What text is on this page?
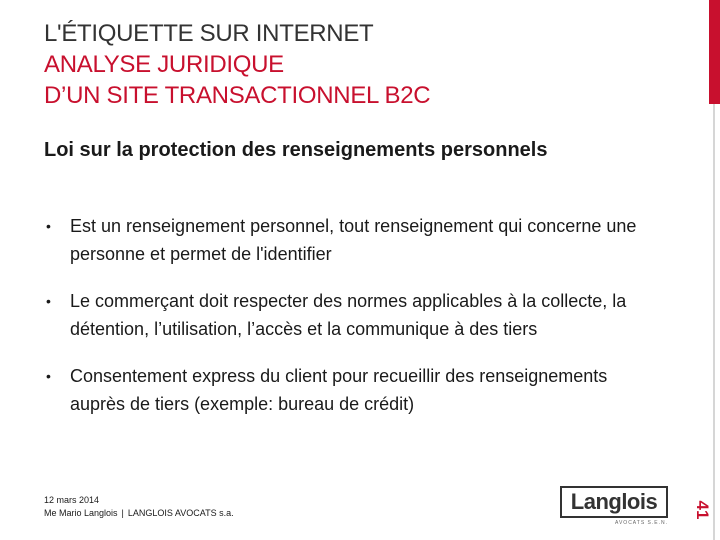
41
L'ÉTIQUETTE SUR INTERNET
ANALYSE JURIDIQUE
D’UN SITE TRANSACTIONNEL B2C
Loi sur la protection des renseignements personnels
• Est un renseignement personnel, tout renseignement qui concerne une personne et permet de l'identifier
• Le commerçant doit respecter des normes applicables à la collecte, la détention, l’utilisation, l’accès et la communique à des tiers
• Consentement express du client pour recueillir des renseignements auprès de tiers (exemple: bureau de crédit)
12 mars 2014
Me Mario Langlois | LANGLOIS AVOCATS s.a.	Langlois
AVOCATS S.E.N.
